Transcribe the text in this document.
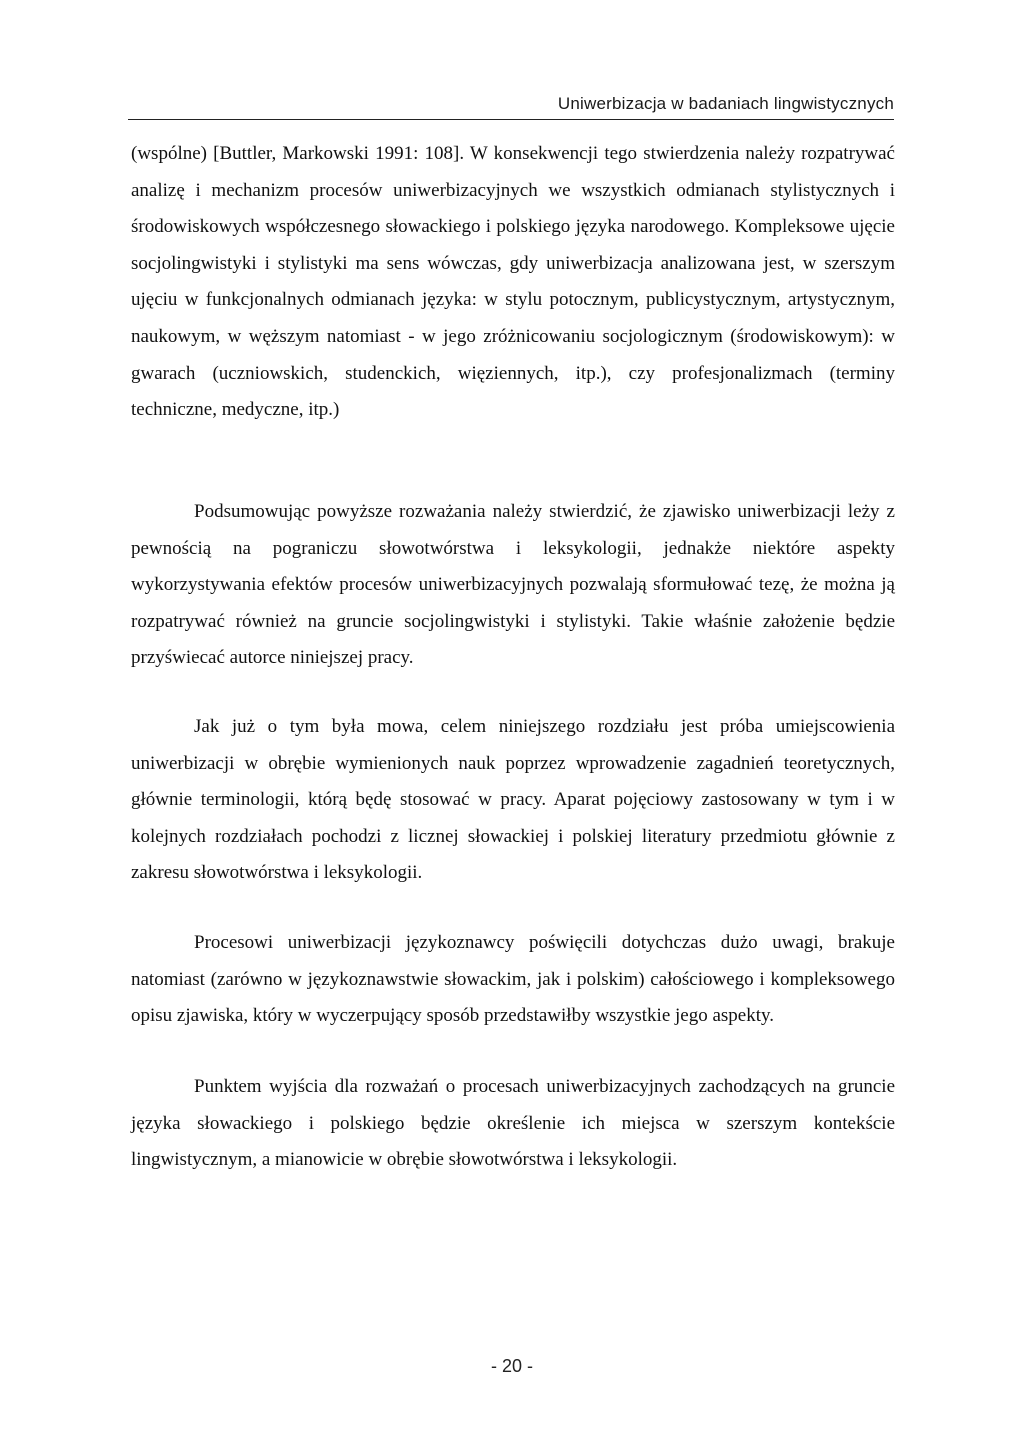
Uniwerbizacja w badaniach lingwistycznych

(wspólne) [Buttler, Markowski 1991: 108]. W konsekwencji tego stwierdzenia należy rozpatrywać analizę i mechanizm procesów uniwerbizacyjnych we wszystkich odmianach stylistycznych i środowiskowych współczesnego słowackiego i polskiego języka narodowego. Kompleksowe ujęcie socjolingwistyki i stylistyki ma sens wówczas, gdy uniwerbizacja analizowana jest, w szerszym ujęciu w funkcjonalnych odmianach języka: w stylu potocznym, publicystycznym, artystycznym, naukowym, w węższym natomiast - w jego zróżnicowaniu socjologicznym (środowiskowym): w gwarach (uczniowskich, studenckich, więziennych, itp.), czy profesjonalizmach (terminy techniczne, medyczne, itp.)

Podsumowując powyższe rozważania należy stwierdzić, że zjawisko uniwerbizacji leży z pewnością na pograniczu słowotwórstwa i leksykologii, jednakże niektóre aspekty wykorzystywania efektów procesów uniwerbizacyjnych pozwalają sformułować tezę, że można ją rozpatrywać również na gruncie socjolingwistyki i stylistyki. Takie właśnie założenie będzie przyświecać autorce niniejszej pracy.

Jak już o tym była mowa, celem niniejszego rozdziału jest próba umiejscowienia uniwerbizacji w obrębie wymienionych nauk poprzez wprowadzenie zagadnień teoretycznych, głównie terminologii, którą będę stosować w pracy. Aparat pojęciowy zastosowany w tym i w kolejnych rozdziałach pochodzi z licznej słowackiej i polskiej literatury przedmiotu głównie z zakresu słowotwórstwa i leksykologii.

Procesowi uniwerbizacji językoznawcy poświęcili dotychczas dużo uwagi, brakuje natomiast (zarówno w językoznawstwie słowackim, jak i polskim) całościowego i kompleksowego opisu zjawiska, który w wyczerpujący sposób przedstawiłby wszystkie jego aspekty.

Punktem wyjścia dla rozważań o procesach uniwerbizacyjnych zachodzących na gruncie języka słowackiego i polskiego będzie określenie ich miejsca w szerszym kontekście lingwistycznym, a mianowicie w obrębie słowotwórstwa i leksykologii.

- 20 -
